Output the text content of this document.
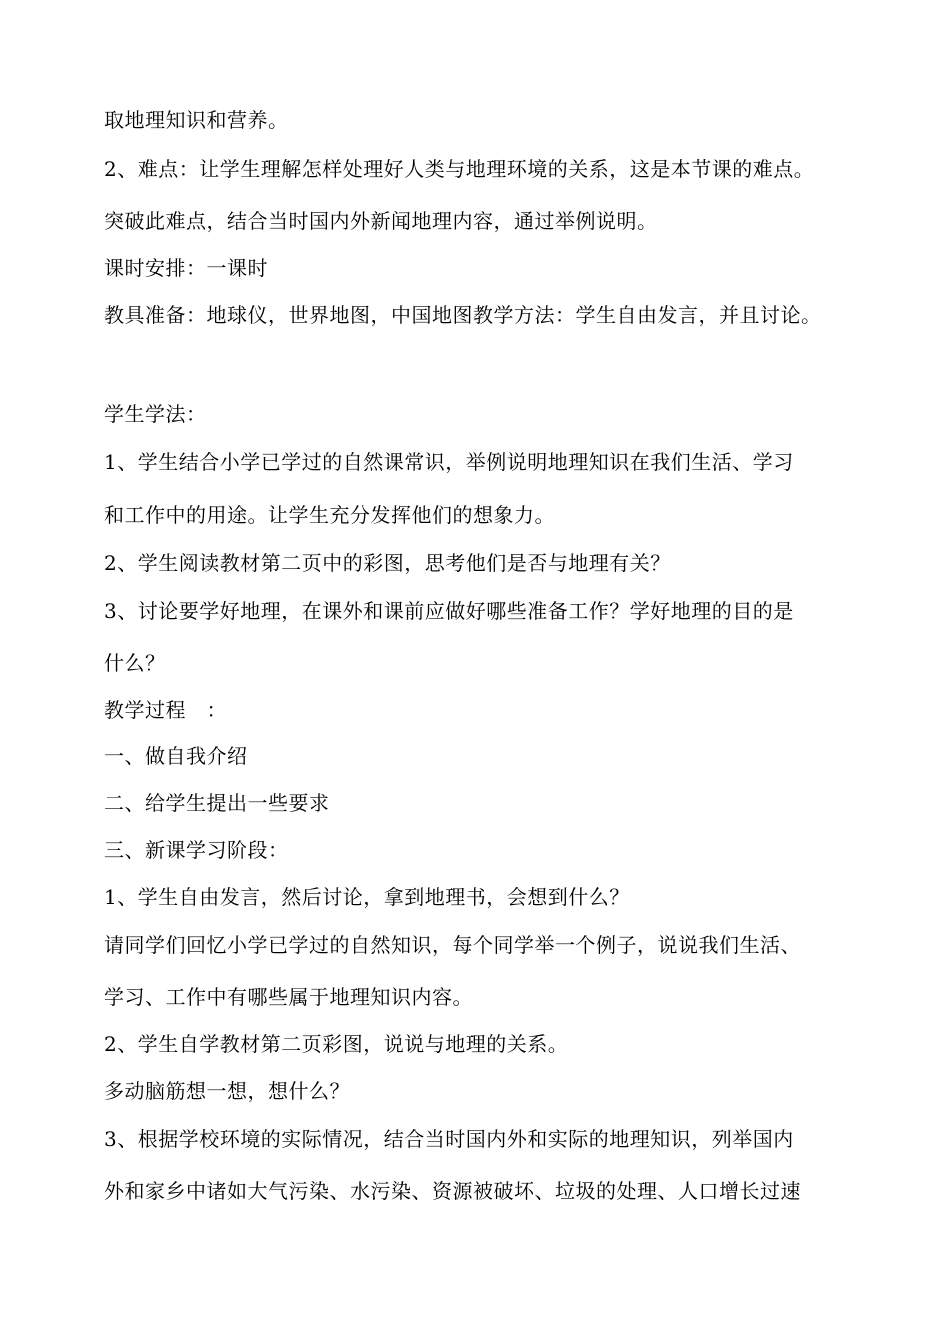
取地理知识和营养。
2、难点：让学生理解怎样处理好人类与地理环境的关系，这是本节课的难点。
突破此难点，结合当时国内外新闻地理内容，通过举例说明。
课时安排：一课时
教具准备：地球仪，世界地图，中国地图教学方法：学生自由发言，并且讨论。
学生学法：
1、学生结合小学已学过的自然课常识，举例说明地理知识在我们生活、学习
和工作中的用途。让学生充分发挥他们的想象力。
2、学生阅读教材第二页中的彩图，思考他们是否与地理有关？
3、讨论要学好地理，在课外和课前应做好哪些准备工作？学好地理的目的是
什么？
教学过程　：
一、做自我介绍
二、给学生提出一些要求
三、新课学习阶段：
1、学生自由发言，然后讨论，拿到地理书，会想到什么？
请同学们回忆小学已学过的自然知识，每个同学举一个例子，说说我们生活、
学习、工作中有哪些属于地理知识内容。
2、学生自学教材第二页彩图，说说与地理的关系。
多动脑筋想一想，想什么？
3、根据学校环境的实际情况，结合当时国内外和实际的地理知识，列举国内
外和家乡中诸如大气污染、水污染、资源被破坏、垃圾的处理、人口增长过速
